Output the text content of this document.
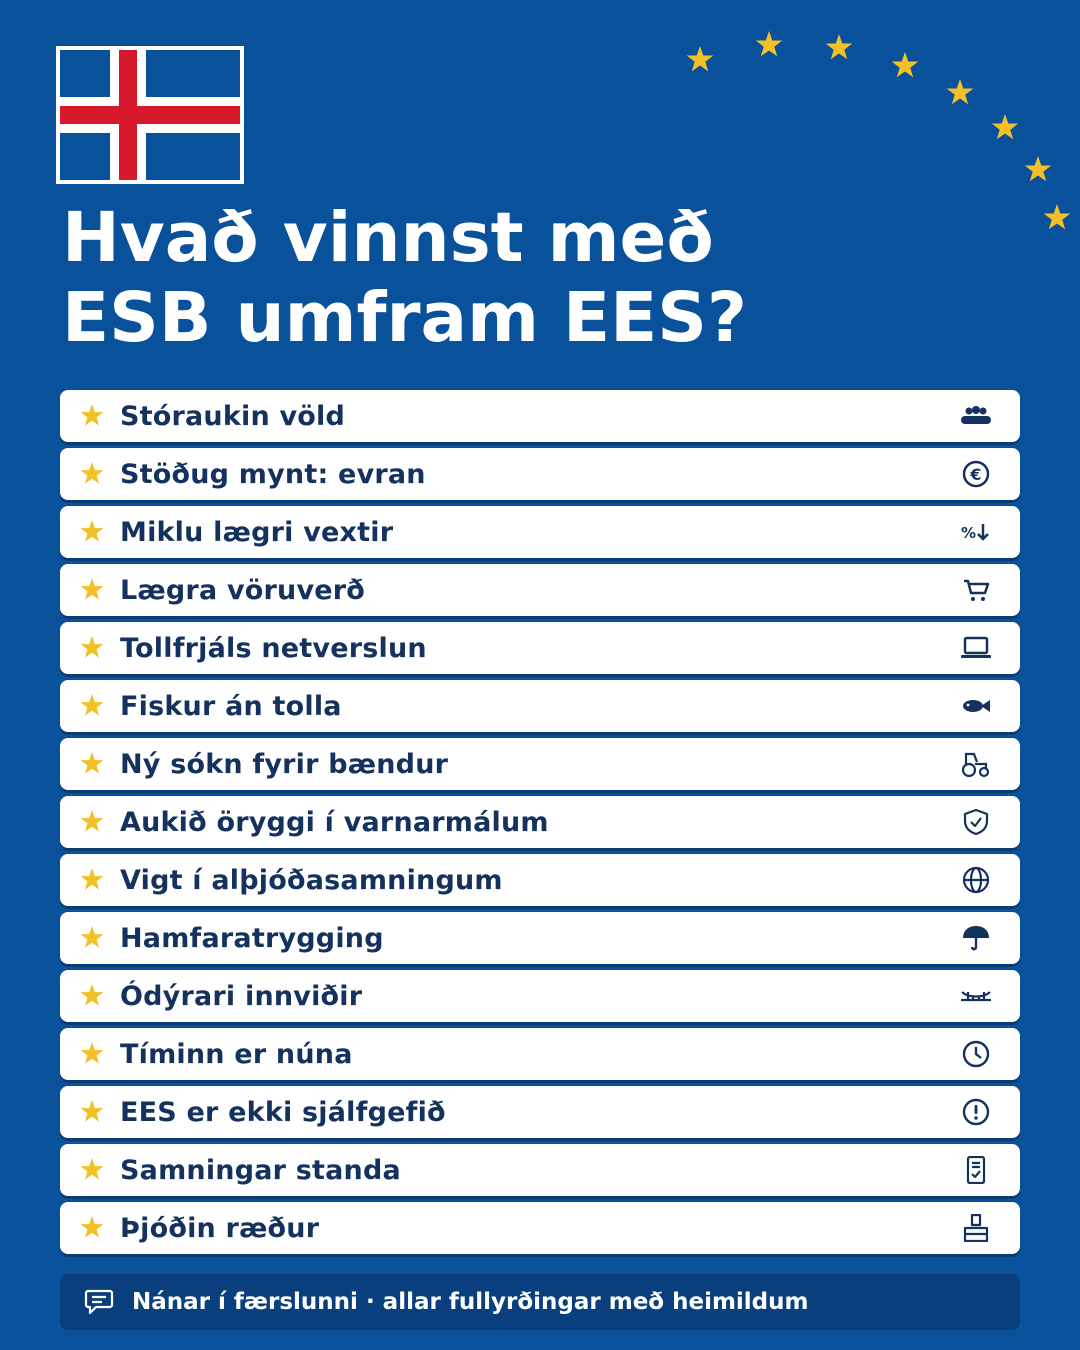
Hvað vinnst með
ESB umfram EES?
Stóraukin völd
Stöðug mynt: evran	€
Miklu lægri vextir	%
Lægra vöruverð
Tollfrjáls netverslun
Fiskur án tolla
Ný sókn fyrir bændur
Aukið öryggi í varnarmálum
Vigt í alþjóðasamningum
Hamfaratrygging
Ódýrari innviðir
Tíminn er núna
EES er ekki sjálfgefið
Samningar standa
Þjóðin ræður
Nánar í færslunni · allar fullyrðingar með heimildum
